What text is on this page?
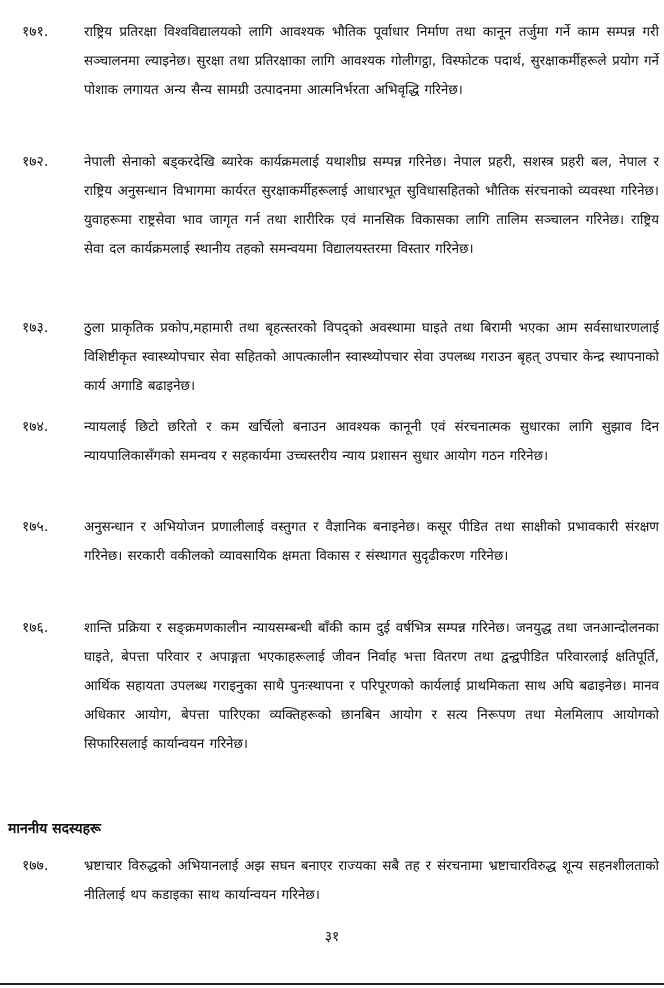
१७१.	राष्ट्रिय प्रतिरक्षा विश्वविद्यालयको लागि आवश्यक भौतिक पूर्वाधार निर्माण तथा कानून तर्जुमा गर्ने काम सम्पन्न गरी सञ्चालनमा ल्याइनेछ। सुरक्षा तथा प्रतिरक्षाका लागि आवश्यक गोलीगट्ठा, विस्फोटक पदार्थ, सुरक्षाकर्मीहरूले प्रयोग गर्ने पोशाक लगायत अन्य सैन्य सामग्री उत्पादनमा आत्मनिर्भरता अभिवृद्धि गरिनेछ।
१७२.	नेपाली सेनाको बड्करदेखि ब्यारेक कार्यक्रमलाई यथाशीघ्र सम्पन्न गरिनेछ। नेपाल प्रहरी, सशस्त्र प्रहरी बल, नेपाल र राष्ट्रिय अनुसन्धान विभागमा कार्यरत सुरक्षाकर्मीहरूलाई आधारभूत सुविधासहितको भौतिक संरचनाको व्यवस्था गरिनेछ। युवाहरूमा राष्ट्रसेवा भाव जागृत गर्न तथा शारीरिक एवं मानसिक विकासका लागि तालिम सञ्चालन गरिनेछ। राष्ट्रिय सेवा दल कार्यक्रमलाई स्थानीय तहको समन्वयमा विद्यालयस्तरमा विस्तार गरिनेछ।
१७३.	ठुला प्राकृतिक प्रकोप,महामारी तथा बृहत्स्तरको विपद्को अवस्थामा घाइते तथा बिरामी भएका आम सर्वसाधारणलाई विशिष्टीकृत स्वास्थ्योपचार सेवा सहितको आपत्कालीन स्वास्थ्योपचार सेवा उपलब्ध गराउन बृहत् उपचार केन्द्र स्थापनाको कार्य अगाडि बढाइनेछ।
१७४.	न्यायलाई छिटो छरितो र कम खर्चिलो बनाउन आवश्यक कानूनी एवं संरचनात्मक सुधारका लागि सुझाव दिन न्यायपालिकासँगको समन्वय र सहकार्यमा उच्चस्तरीय न्याय प्रशासन सुधार आयोग गठन गरिनेछ।
१७५.	अनुसन्धान र अभियोजन प्रणालीलाई वस्तुगत र वैज्ञानिक बनाइनेछ। कसूर पीडित तथा साक्षीको प्रभावकारी संरक्षण गरिनेछ। सरकारी वकीलको व्यावसायिक क्षमता विकास र संस्थागत सुदृढीकरण गरिनेछ।
१७६.	शान्ति प्रक्रिया र सङ्क्रमणकालीन न्यायसम्बन्धी बाँकी काम दुई वर्षभित्र सम्पन्न गरिनेछ। जनयुद्ध तथा जनआन्दोलनका घाइते, बेपत्ता परिवार र अपाङ्गता भएकाहरूलाई जीवन निर्वाह भत्ता वितरण तथा द्वन्द्वपीडित परिवारलाई क्षतिपूर्ति, आर्थिक सहायता उपलब्ध गराइनुका साथै पुनःस्थापना र परिपूरणको कार्यलाई प्राथमिकता साथ अघि बढाइनेछ। मानव अधिकार आयोग, बेपत्ता पारिएका व्यक्तिहरूको छानबिन आयोग र सत्य निरूपण तथा मेलमिलाप आयोगको सिफारिसलाई कार्यान्वयन गरिनेछ।
माननीय सदस्यहरू
१७७.	भ्रष्टाचार विरुद्धको अभियानलाई अझ सघन बनाएर राज्यका सबै तह र संरचनामा भ्रष्टाचारविरुद्ध शून्य सहनशीलताको नीतिलाई थप कडाइका साथ कार्यान्वयन गरिनेछ।
३१
